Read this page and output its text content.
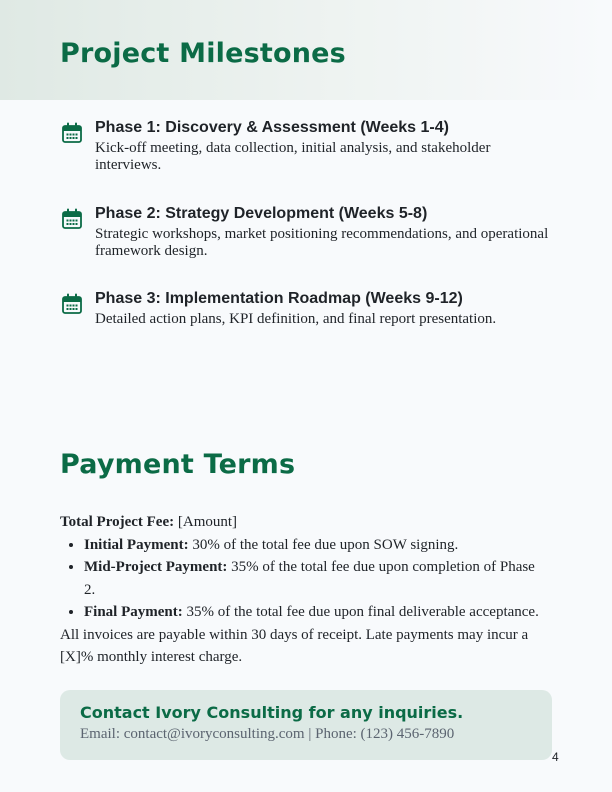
Project Milestones
Phase 1: Discovery & Assessment (Weeks 1-4)
Kick-off meeting, data collection, initial analysis, and stakeholder interviews.
Phase 2: Strategy Development (Weeks 5-8)
Strategic workshops, market positioning recommendations, and operational framework design.
Phase 3: Implementation Roadmap (Weeks 9-12)
Detailed action plans, KPI definition, and final report presentation.
Payment Terms

Total Project Fee: [Amount]

• Initial Payment: 30% of the total fee due upon SOW signing.
• Mid-Project Payment: 35% of the total fee due upon completion of Phase 2.
• Final Payment: 35% of the total fee due upon final deliverable acceptance.

All invoices are payable within 30 days of receipt. Late payments may incur a [X]% monthly interest charge.

Contact Ivory Consulting for any inquiries.
Email: contact@ivoryconsulting.com | Phone: (123) 456-7890
4
